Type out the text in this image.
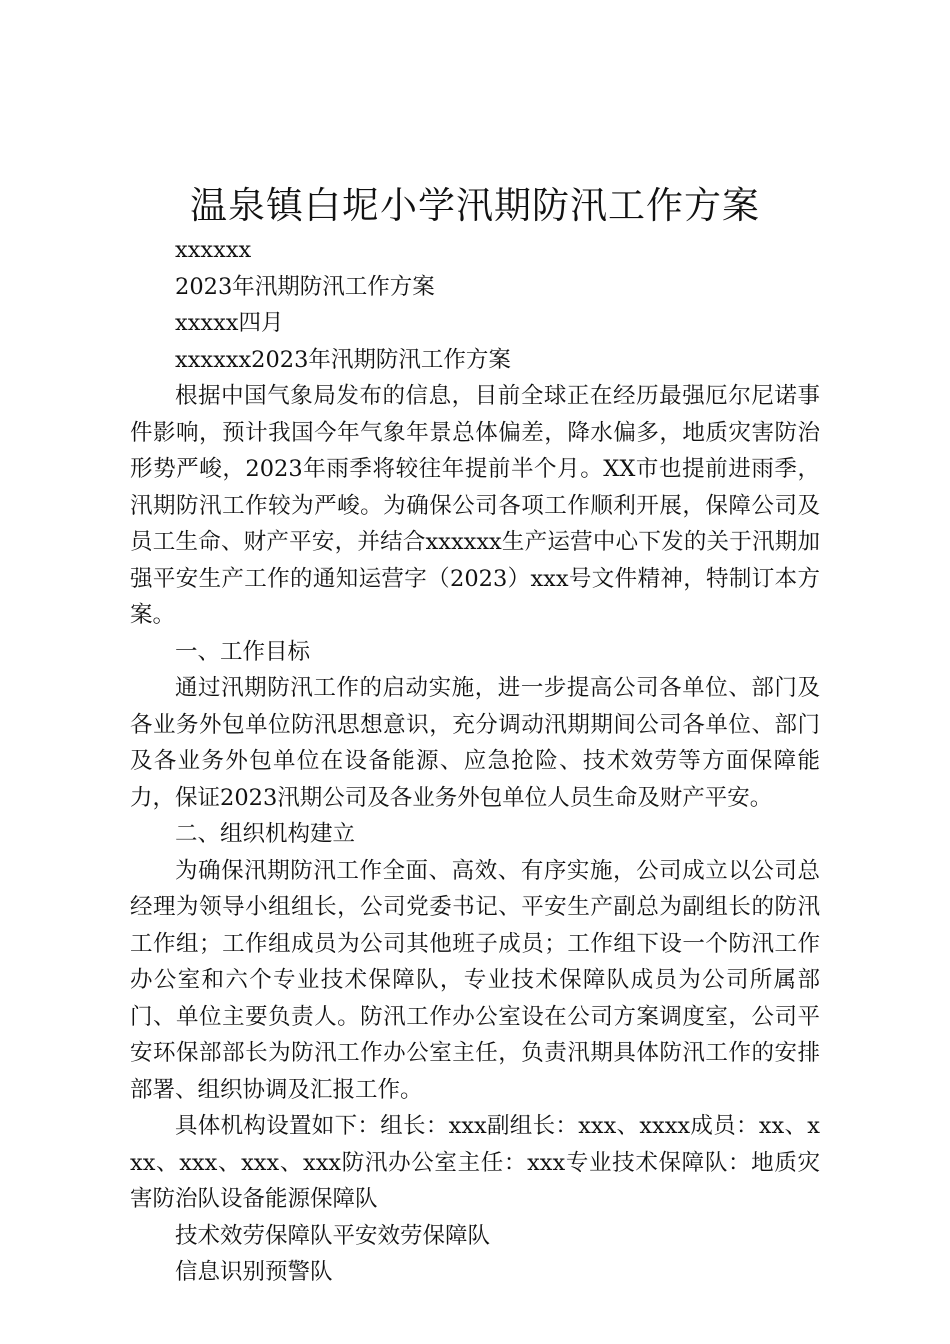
温泉镇白坭小学汛期防汛工作方案

xxxxxx

2023年汛期防汛工作方案

xxxxx四月

xxxxxx2023年汛期防汛工作方案

根据中国气象局发布的信息，目前全球正在经历最强厄尔尼诺事件影响，预计我国今年气象年景总体偏差，降水偏多，地质灾害防治形势严峻，2023年雨季将较往年提前半个月。XX市也提前进雨季，汛期防汛工作较为严峻。为确保公司各项工作顺利开展，保障公司及员工生命、财产平安，并结合xxxxxx生产运营中心下发的关于汛期加强平安生产工作的通知运营字（2023）xxx号文件精神，特制订本方案。

一、工作目标

通过汛期防汛工作的启动实施，进一步提高公司各单位、部门及各业务外包单位防汛思想意识，充分调动汛期期间公司各单位、部门及各业务外包单位在设备能源、应急抢险、技术效劳等方面保障能力，保证2023汛期公司及各业务外包单位人员生命及财产平安。

二、组织机构建立

为确保汛期防汛工作全面、高效、有序实施，公司成立以公司总经理为领导小组组长，公司党委书记、平安生产副总为副组长的防汛工作组；工作组成员为公司其他班子成员；工作组下设一个防汛工作办公室和六个专业技术保障队，专业技术保障队成员为公司所属部门、单位主要负责人。防汛工作办公室设在公司方案调度室，公司平安环保部部长为防汛工作办公室主任，负责汛期具体防汛工作的安排部署、组织协调及汇报工作。

具体机构设置如下：组长：xxx副组长：xxx、xxxx成员：xx、xxx、xxx、xxx、xxx防汛办公室主任：xxx专业技术保障队：地质灾害防治队设备能源保障队

技术效劳保障队平安效劳保障队

信息识别预警队
